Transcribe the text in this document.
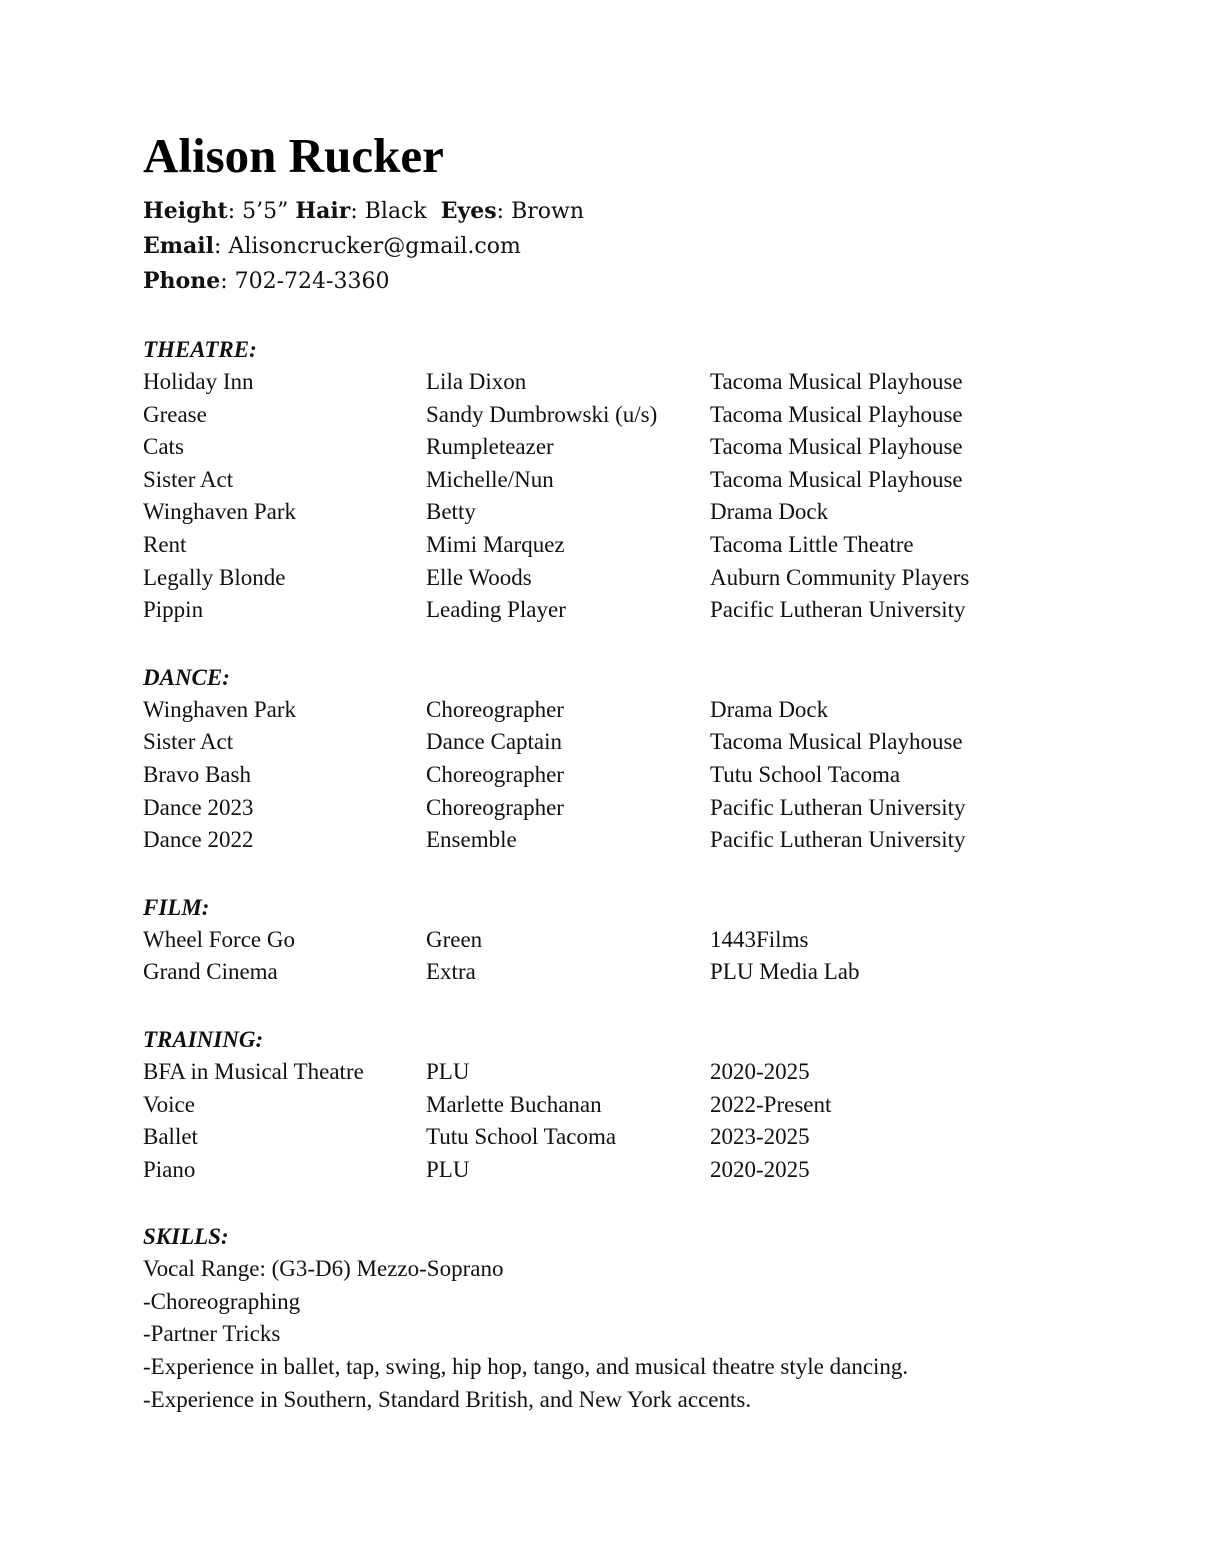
Alison Rucker
Height: 5’5” Hair: Black Eyes: Brown
Email: Alisoncrucker@gmail.com
Phone: 702-724-3360
THEATRE:
Holiday Inn	Lila Dixon	Tacoma Musical Playhouse
Grease	Sandy Dumbrowski (u/s)	Tacoma Musical Playhouse
Cats	Rumpleteazer	Tacoma Musical Playhouse
Sister Act	Michelle/Nun	Tacoma Musical Playhouse
Winghaven Park	Betty	Drama Dock
Rent	Mimi Marquez	Tacoma Little Theatre
Legally Blonde	Elle Woods	Auburn Community Players
Pippin	Leading Player	Pacific Lutheran University
DANCE:
Winghaven Park	Choreographer	Drama Dock
Sister Act	Dance Captain	Tacoma Musical Playhouse
Bravo Bash	Choreographer	Tutu School Tacoma
Dance 2023	Choreographer	Pacific Lutheran University
Dance 2022	Ensemble	Pacific Lutheran University
FILM:
Wheel Force Go	Green	1443Films
Grand Cinema	Extra	PLU Media Lab
TRAINING:
BFA in Musical Theatre	PLU	2020-2025
Voice	Marlette Buchanan	2022-Present
Ballet	Tutu School Tacoma	2023-2025
Piano	PLU	2020-2025
SKILLS:
Vocal Range: (G3-D6) Mezzo-Soprano
-Choreographing
-Partner Tricks
-Experience in ballet, tap, swing, hip hop, tango, and musical theatre style dancing.
-Experience in Southern, Standard British, and New York accents.
